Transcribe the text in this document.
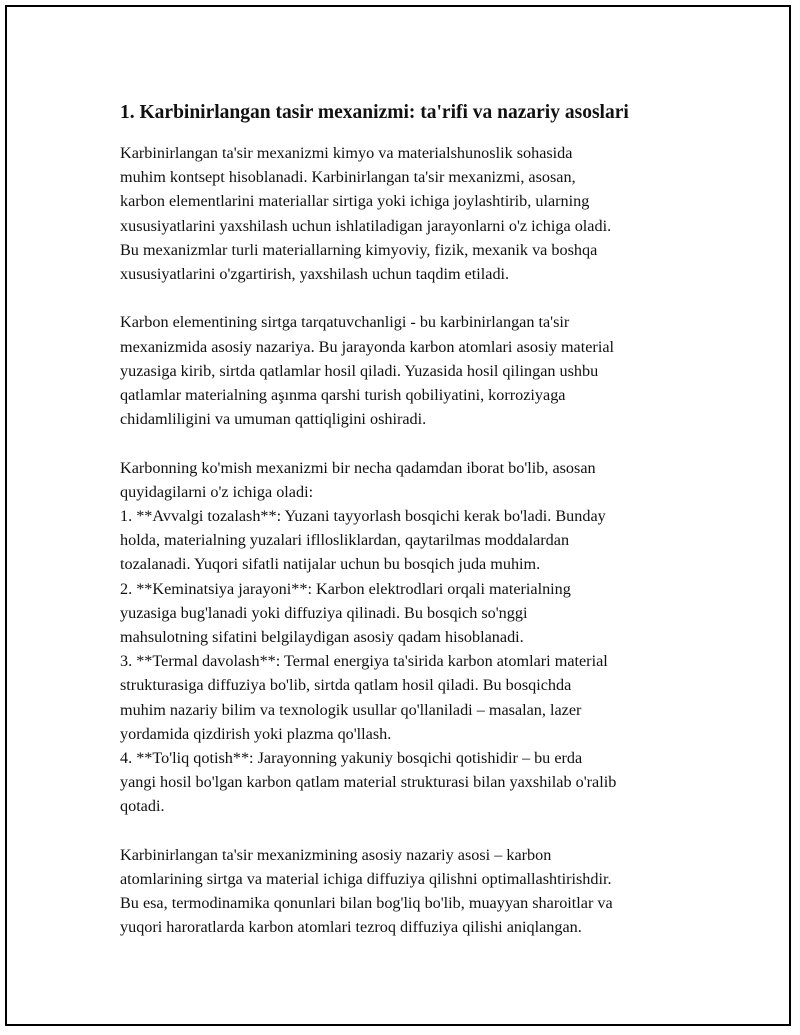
1. Karbinirlangan tasir mexanizmi: ta'rifi va nazariy asoslari
Karbinirlangan ta'sir mexanizmi kimyo va materialshunoslik sohasida
muhim kontsept hisoblanadi. Karbinirlangan ta'sir mexanizmi, asosan,
karbon elementlarini materiallar sirtiga yoki ichiga joylashtirib, ularning
xususiyatlarini yaxshilash uchun ishlatiladigan jarayonlarni o'z ichiga oladi.
Bu mexanizmlar turli materiallarning kimyoviy, fizik, mexanik va boshqa
xususiyatlarini o'zgartirish, yaxshilash uchun taqdim etiladi.
Karbon elementining sirtga tarqatuvchanligi - bu karbinirlangan ta'sir
mexanizmida asosiy nazariya. Bu jarayonda karbon atomlari asosiy material
yuzasiga kirib, sirtda qatlamlar hosil qiladi. Yuzasida hosil qilingan ushbu
qatlamlar materialning aşınma qarshi turish qobiliyatini, korroziyaga
chidamliligini va umuman qattiqligini oshiradi.
Karbonning ko'mish mexanizmi bir necha qadamdan iborat bo'lib, asosan
quyidagilarni o'z ichiga oladi:
1. **Avvalgi tozalash**: Yuzani tayyorlash bosqichi kerak bo'ladi. Bunday
holda, materialning yuzalari ifllosliklardan, qaytarilmas moddalardan
tozalanadi. Yuqori sifatli natijalar uchun bu bosqich juda muhim.
2. **Keminatsiya jarayoni**: Karbon elektrodlari orqali materialning
yuzasiga bug'lanadi yoki diffuziya qilinadi. Bu bosqich so'nggi
mahsulotning sifatini belgilaydigan asosiy qadam hisoblanadi.
3. **Termal davolash**: Termal energiya ta'sirida karbon atomlari material
strukturasiga diffuziya bo'lib, sirtda qatlam hosil qiladi. Bu bosqichda
muhim nazariy bilim va texnologik usullar qo'llaniladi – masalan, lazer
yordamida qizdirish yoki plazma qo'llash.
4. **To'liq qotish**: Jarayonning yakuniy bosqichi qotishidir – bu erda
yangi hosil bo'lgan karbon qatlam material strukturasi bilan yaxshilab o'ralib
qotadi.
Karbinirlangan ta'sir mexanizmining asosiy nazariy asosi – karbon
atomlarining sirtga va material ichiga diffuziya qilishni optimallashtirishdir.
Bu esa, termodinamika qonunlari bilan bog'liq bo'lib, muayyan sharoitlar va
yuqori haroratlarda karbon atomlari tezroq diffuziya qilishi aniqlangan.
